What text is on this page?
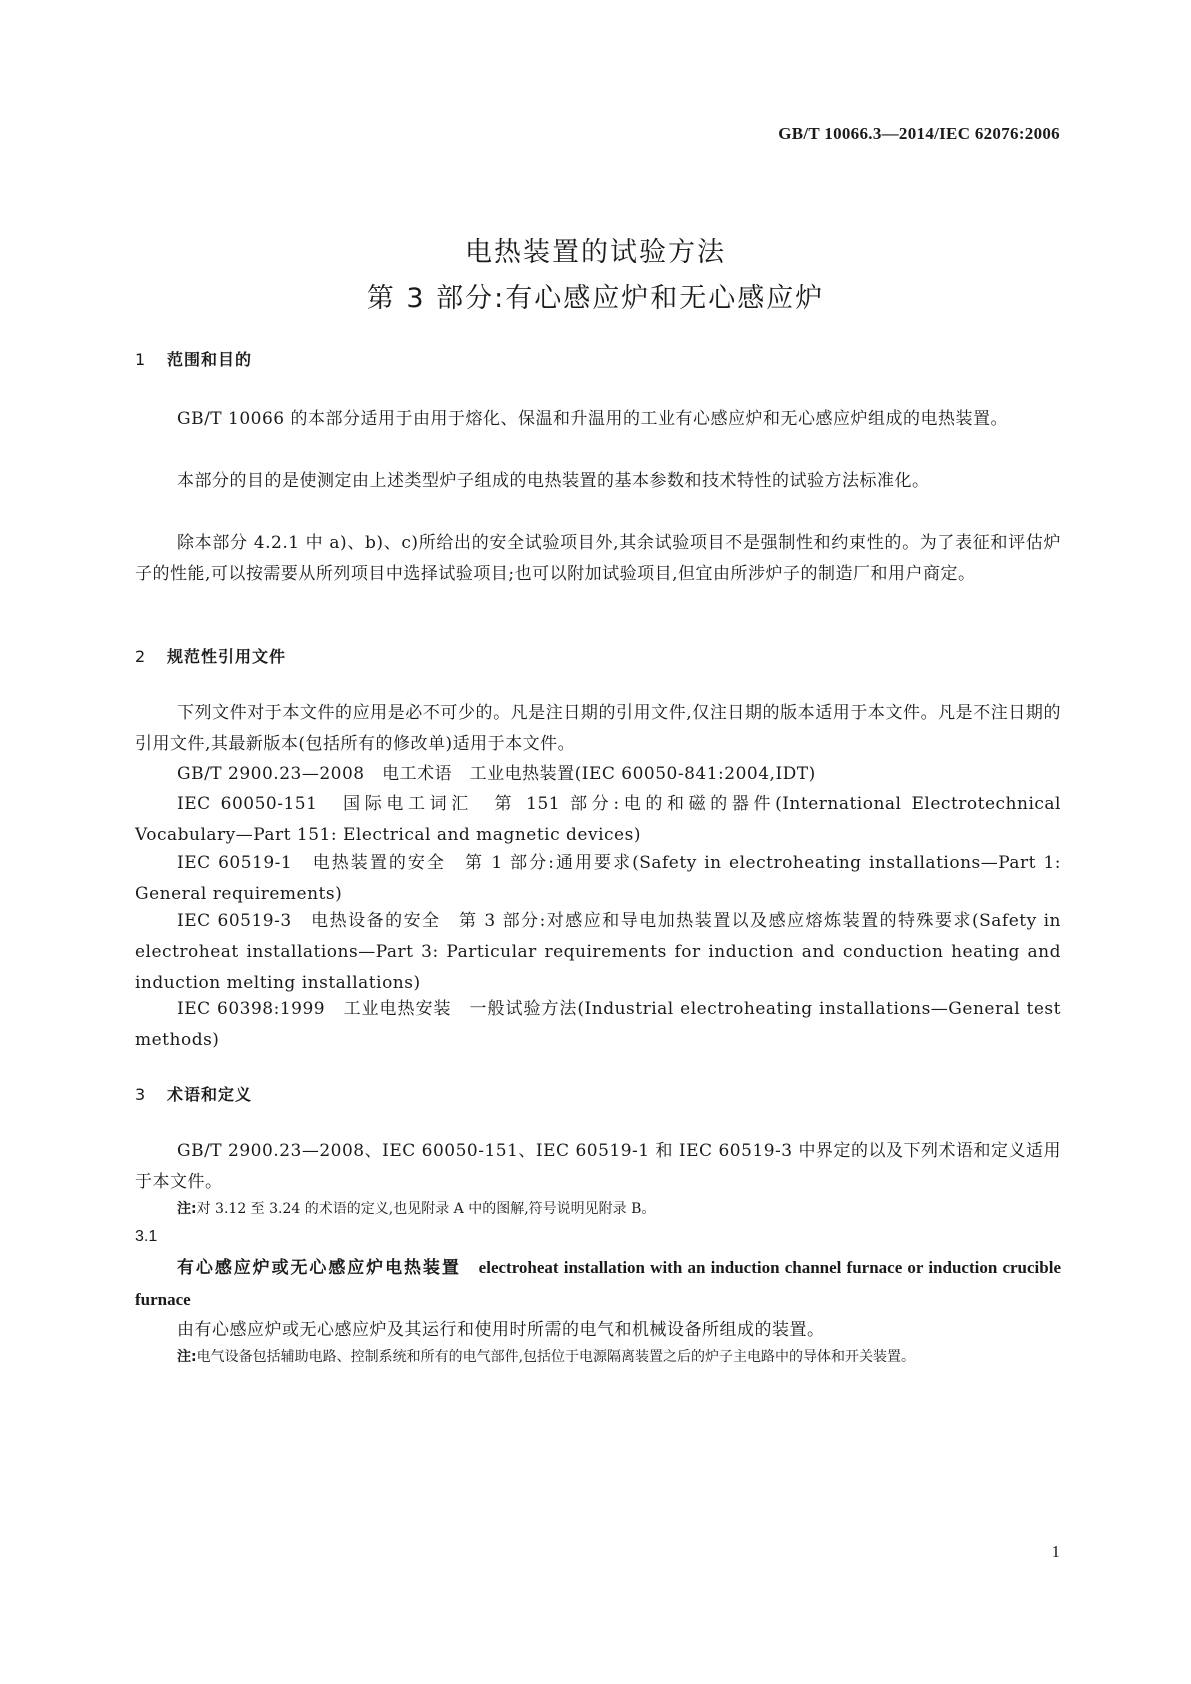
GB/T 10066.3—2014/IEC 62076:2006
电热装置的试验方法
第 3 部分:有心感应炉和无心感应炉
1 范围和目的

GB/T 10066 的本部分适用于由用于熔化、保温和升温用的工业有心感应炉和无心感应炉组成的电热装置。

本部分的目的是使测定由上述类型炉子组成的电热装置的基本参数和技术特性的试验方法标准化。

除本部分 4.2.1 中 a)、b)、c)所给出的安全试验项目外,其余试验项目不是强制性和约束性的。为了表征和评估炉子的性能,可以按需要从所列项目中选择试验项目;也可以附加试验项目,但宜由所涉炉子的制造厂和用户商定。

2 规范性引用文件

下列文件对于本文件的应用是必不可少的。凡是注日期的引用文件,仅注日期的版本适用于本文件。凡是不注日期的引用文件,其最新版本(包括所有的修改单)适用于本文件。

GB/T 2900.23—2008　电工术语　工业电热装置(IEC 60050-841:2004,IDT)

IEC 60050-151　国际电工词汇　第 151 部分:电的和磁的器件(International Electrotechnical Vocabulary—Part 151: Electrical and magnetic devices)

IEC 60519-1　电热装置的安全　第 1 部分:通用要求(Safety in electroheating installations—Part 1: General requirements)

IEC 60519-3　电热设备的安全　第 3 部分:对感应和导电加热装置以及感应熔炼装置的特殊要求(Safety in electroheat installations—Part 3: Particular requirements for induction and conduction heating and induction melting installations)

IEC 60398:1999　工业电热安装　一般试验方法(Industrial electroheating installations—General test methods)

3 术语和定义

GB/T 2900.23—2008、IEC 60050-151、IEC 60519-1 和 IEC 60519-3 中界定的以及下列术语和定义适用于本文件。

注:对 3.12 至 3.24 的术语的定义,也见附录 A 中的图解,符号说明见附录 B。

3.1

有心感应炉或无心感应炉电热装置　 electroheat installation with an induction channel furnace or induction crucible furnace

由有心感应炉或无心感应炉及其运行和使用时所需的电气和机械设备所组成的装置。

注:电气设备包括辅助电路、控制系统和所有的电气部件,包括位于电源隔离装置之后的炉子主电路中的导体和开关装置。

1
